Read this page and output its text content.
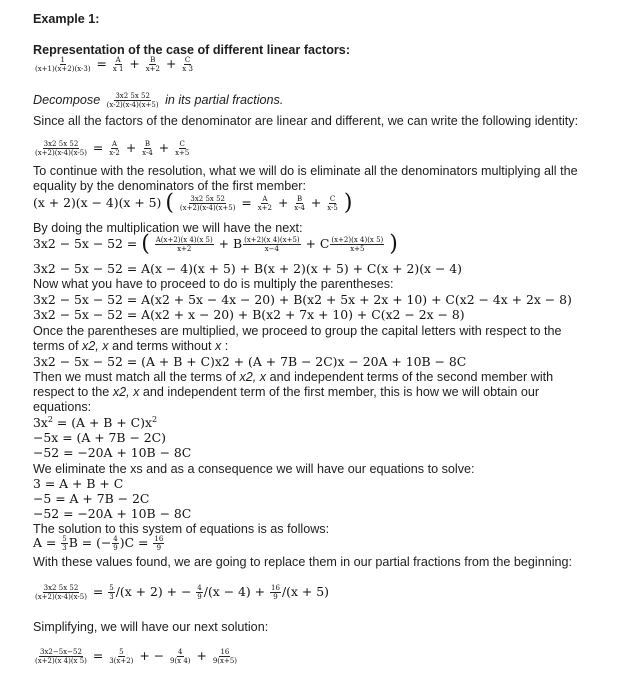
Example 1:
Representation of the case of different linear factors:
$\frac{1}{(x+1)(x+2)(x-3)} = \frac{A}{x 1} + \frac{B}{x+2} + \frac{C}{x 3}$
Decompose $\frac{3x2 5x 52}{(x-2)(x-4)(x+5)}$ in its partial fractions.
Since all the factors of the denominator are linear and different, we can write the following identity:
$\frac{3x2 5x 52}{(x+2)(x-4)(x-5)} = \frac{A}{x-2} + \frac{B}{x-4} + \frac{C}{x+5}$
To continue with the resolution, what we will do is eliminate all the denominators multiplying all the
equality by the denominators of the first member:
(x + 2)(x − 4)(x + 5) ( $\frac{3x2 5x 52}{(x+2)(x-4)(x+5)} = \frac{A}{x+2} + \frac{B}{x-4} + \frac{C}{x-5}$ )
By doing the multiplication we will have the next:
3x2 − 5x − 52 = ( $\frac{A(x+2)(x 4)(x 5)}{x+2} + B \frac{(x+2)(x 4)(x+5)}{x-4} + C \frac{(x+2)(x 4)(x 5)}{x+5}$ )
3x2 − 5x − 52 = A(x − 4)(x + 5) + B(x + 2)(x + 5) + C(x + 2)(x − 4)
Now what you have to proceed to do is multiply the parentheses:
3x2 − 5x − 52 = A(x2 + 5x − 4x − 20) + B(x2 + 5x + 2x + 10) + C(x2 − 4x + 2x − 8)
3x2 − 5x − 52 = A(x2 + x − 20) + B(x2 + 7x + 10) + C(x2 − 2x − 8)
Once the parentheses are multiplied, we proceed to group the capital letters with respect to the
terms of x2, x and terms without x :
3x2 − 5x − 52 = (A + B + C)x2 + (A + 7B − 2C)x − 20A + 10B − 8C
Then we must match all the terms of x2, x and independent terms of the second member with
respect to the x2, x and independent term of the first member, this is how we will obtain our
equations:
$3x^2 = (A + B + C)x^2$
−5x = (A + 7B − 2C)
−52 = −20A + 10B − 8C
We eliminate the xs and as a consequence we will have our equations to solve:
3 = A + B + C
−5 = A + 7B − 2C
−52 = −20A + 10B − 8C
The solution to this system of equations is as follows:
$A = \frac{5}{3}$ B = (− $\frac{4}{9} )C = \frac{16}{9}$
With these values found, we are going to replace them in our partial fractions from the beginning:
$\frac{3x2 5x 52}{(x+2)(x-4)(x-5)} = \frac{5}{3} /(x + 2)$ + − $\frac{4}{9} /(x - 4) + \frac{16}{9} /(x + 5)$
Simplifying, we will have our next solution:
$\frac{3x2-5x-52}{(x+2)(x 4)(x 5)} = \frac{5}{3(x+2)}$ + − $\frac{4}{9(x 4)} + \frac{16}{9(x+5)}$
